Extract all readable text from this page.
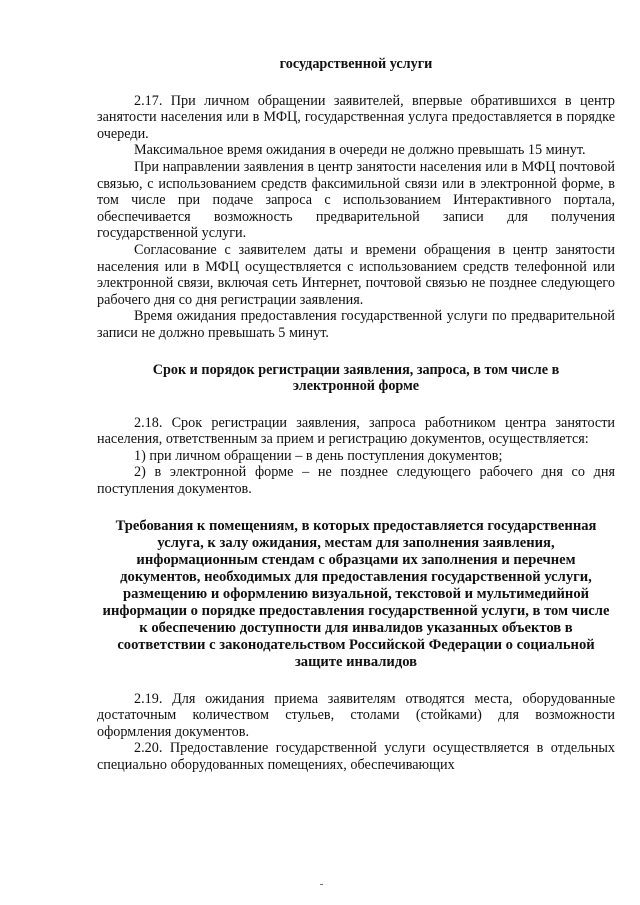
государственной услуги

2.17. При личном обращении заявителей, впервые обратившихся в центр занятости населения или в МФЦ, государственная услуга предоставляется в порядке очереди.

Максимальное время ожидания в очереди не должно превышать 15 минут.

При направлении заявления в центр занятости населения или в МФЦ почтовой связью, с использованием средств факсимильной связи или в электронной форме, в том числе при подаче запроса с использованием Интерактивного портала, обеспечивается возможность предварительной записи для получения государственной услуги.

Согласование с заявителем даты и времени обращения в центр занятости населения или в МФЦ осуществляется с использованием средств телефонной или электронной связи, включая сеть Интернет, почтовой связью не позднее следующего рабочего дня со дня регистрации заявления.

Время ожидания предоставления государственной услуги по предварительной записи не должно превышать 5 минут.

Срок и порядок регистрации заявления, запроса, в том числе в электронной форме

2.18. Срок регистрации заявления, запроса работником центра занятости населения, ответственным за прием и регистрацию документов, осуществляется:

1) при личном обращении – в день поступления документов;

2) в электронной форме – не позднее следующего рабочего дня со дня поступления документов.

Требования к помещениям, в которых предоставляется государственная услуга, к залу ожидания, местам для заполнения заявления, информационным стендам с образцами их заполнения и перечнем документов, необходимых для предоставления государственной услуги, размещению и оформлению визуальной, текстовой и мультимедийной информации о порядке предоставления государственной услуги, в том числе к обеспечению доступности для инвалидов указанных объектов в соответствии с законодательством Российской Федерации о социальной защите инвалидов

2.19. Для ожидания приема заявителям отводятся места, оборудованные достаточным количеством стульев, столами (стойками) для возможности оформления документов.

2.20. Предоставление государственной услуги осуществляется в отдельных специально оборудованных помещениях, обеспечивающих
